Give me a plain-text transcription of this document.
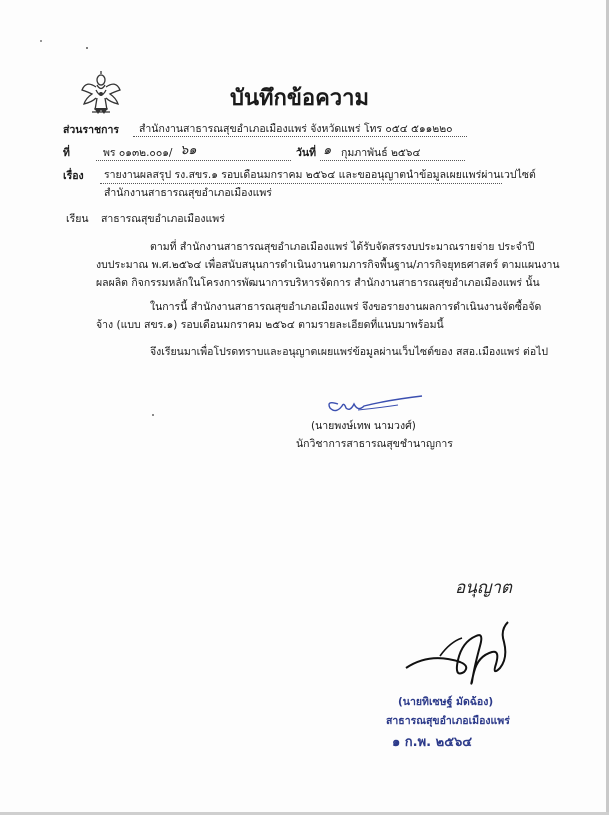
บันทึกข้อความ
ส่วนราชการ สำนักงานสาธารณสุขอำเภอเมืองแพร่ จังหวัดแพร่ โทร ๐๕๔ ๕๑๑๒๒๐
ที่	พร ๐๑๓๒.๐๐๑/ ๖๑	วันที่ ๑ กุมภาพันธ์ ๒๕๖๔
เรื่อง รายงานผลสรุป รง.สขร.๑ รอบเดือนมกราคม ๒๕๖๔ และขออนุญาตนำข้อมูลเผยแพร่ผ่านเวปไซต์
สำนักงานสาธารณสุขอำเภอเมืองแพร่
เรียน สาธารณสุขอำเภอเมืองแพร่
ตามที่ สำนักงานสาธารณสุขอำเภอเมืองแพร่ ได้รับจัดสรรงบประมาณรายจ่าย ประจำปี
งบประมาณ พ.ศ.๒๕๖๔ เพื่อสนับสนุนการดำเนินงานตามภารกิจพื้นฐาน/ภารกิจยุทธศาสตร์ ตามแผนงาน
ผลผลิต กิจกรรมหลักในโครงการพัฒนาการบริหารจัดการ สำนักงานสาธารณสุขอำเภอเมืองแพร่ นั้น
ในการนี้ สำนักงานสาธารณสุขอำเภอเมืองแพร่ จึงขอรายงานผลการดำเนินงานจัดซื้อจัด
จ้าง (แบบ สขร.๑) รอบเดือนมกราคม ๒๕๖๔ ตามรายละเอียดที่แนบมาพร้อมนี้
จึงเรียนมาเพื่อโปรดทราบและอนุญาตเผยแพร่ข้อมูลผ่านเว็บไซต์ของ สสอ.เมืองแพร่ ต่อไป
(นายพงษ์เทพ นามวงศ์)
นักวิชาการสาธารณสุขชำนาญการ
อนุญาต
(นายทิเซษฐ์ มัดฉ้อง)
สาธารณสุขอำเภอเมืองแพร่
๑ ก.พ. ๒๕๖๔
